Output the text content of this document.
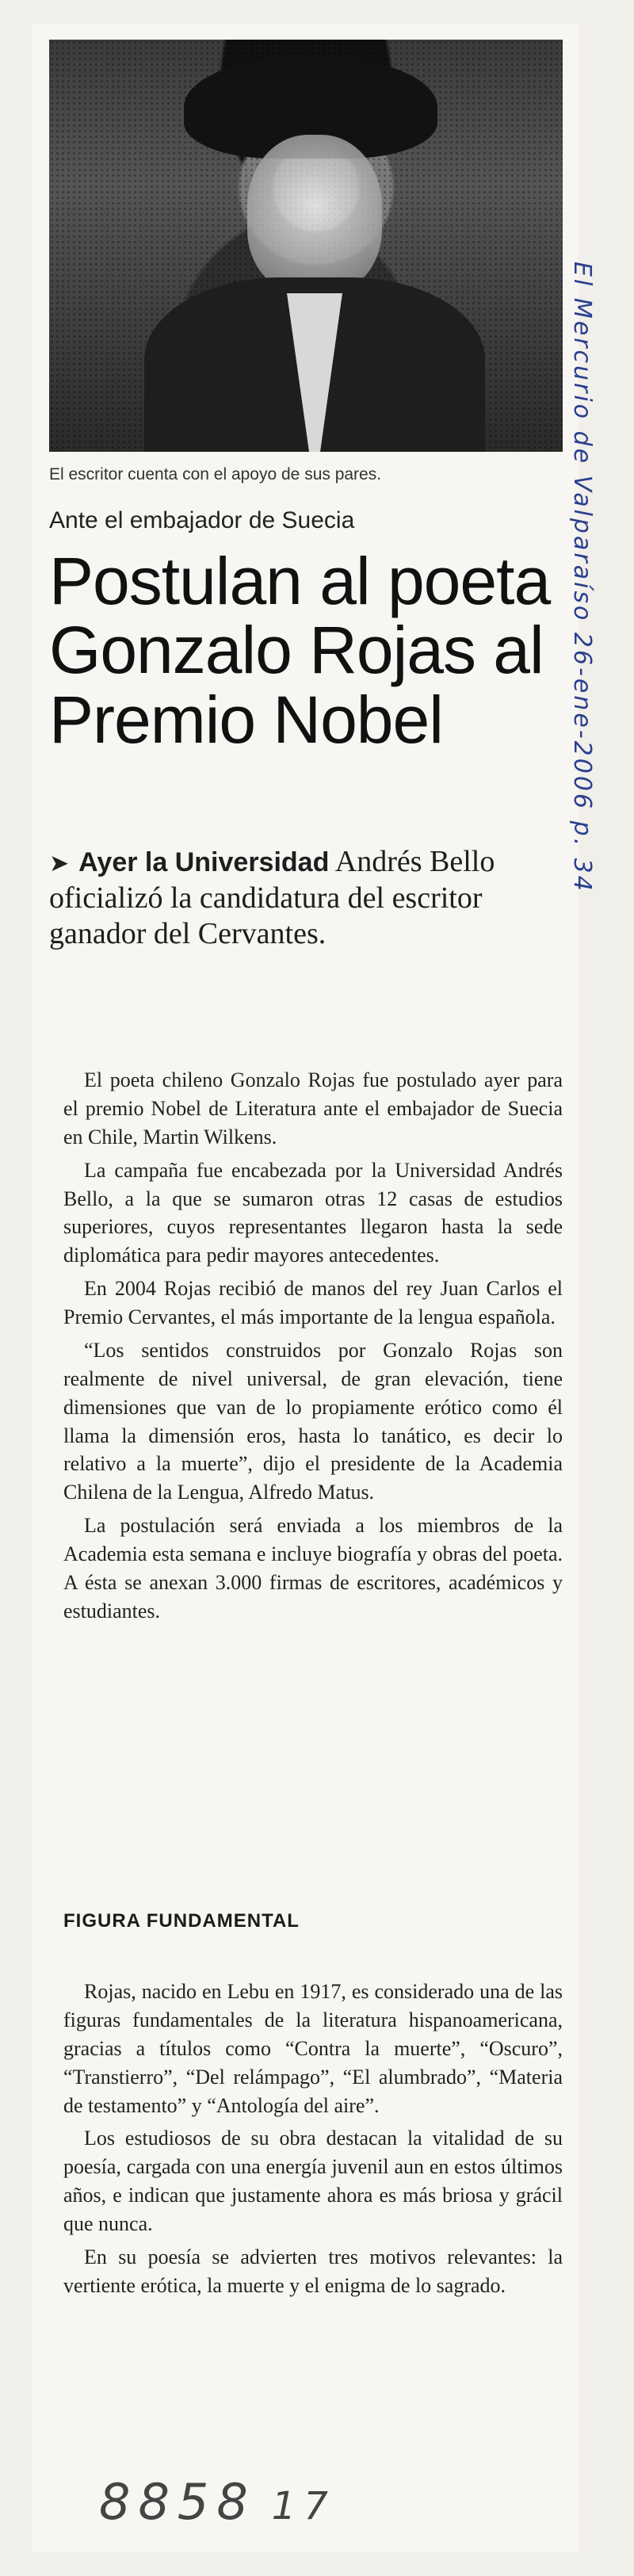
El escritor cuenta con el apoyo de sus pares.
Ante el embajador de Suecia
Postulan al poeta Gonzalo Rojas al Premio Nobel
➤ Ayer la Universidad Andrés Bello oficializó la candidatura del escritor ganador del Cervantes.

El poeta chileno Gonzalo Rojas fue postulado ayer para el premio Nobel de Literatura ante el embajador de Suecia en Chile, Martin Wilkens.

La campaña fue encabezada por la Universidad Andrés Bello, a la que se sumaron otras 12 casas de estudios superiores, cuyos representantes llegaron hasta la sede diplomática para pedir mayores antecedentes.

En 2004 Rojas recibió de manos del rey Juan Carlos el Premio Cervantes, el más importante de la lengua española.

“Los sentidos construidos por Gonzalo Rojas son realmente de nivel universal, de gran elevación, tiene dimensiones que van de lo propiamente erótico como él llama la dimensión eros, hasta lo tanático, es decir lo relativo a la muerte”, dijo el presidente de la Academia Chilena de la Lengua, Alfredo Matus.

La postulación será enviada a los miembros de la Academia esta semana e incluye biografía y obras del poeta. A ésta se anexan 3.000 firmas de escritores, académicos y estudiantes.

FIGURA FUNDAMENTAL

Rojas, nacido en Lebu en 1917, es considerado una de las figuras fundamentales de la literatura hispanoamericana, gracias a títulos como “Contra la muerte”, “Oscuro”, “Transtierro”, “Del relámpago”, “El alumbrado”, “Materia de testamento” y “Antología del aire”.

Los estudiosos de su obra destacan la vitalidad de su poesía, cargada con una energía juvenil aun en estos últimos años, e indican que justamente ahora es más briosa y grácil que nunca.

En su poesía se advierten tres motivos relevantes: la vertiente erótica, la muerte y el enigma de lo sagrado.

El Mercurio de Valparaíso 26-ene-2006 p. 34
8858 17
